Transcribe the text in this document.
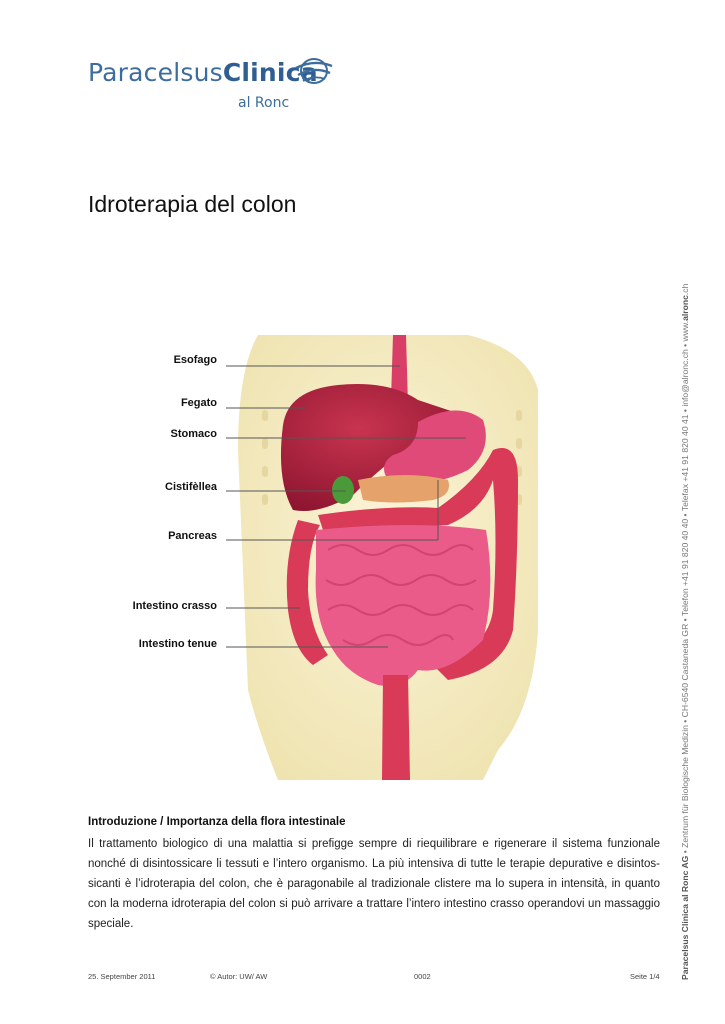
ParacelsusClinica
al Ronc
Idroterapia del colon
Paracelsus Clinica al Ronc AG • Zentrum für Biologische Medizin • CH-6540 Castaneda GR • Telefon +41 91 820 40 40 • Telefax +41 91 820 40 41 • info@alronc.ch • www.alronc.ch
Esofago
Fegato
Stomaco
Cistifèllea
Pancreas
Intestino crasso
Intestino tenue
Introduzione / Importanza della flora intestinale

Il trattamento biologico di una malattia si prefigge sempre di riequilibrare e rigenerare il sistema funzionale nonché di disintossicare li tessuti e l’intero organismo. La più intensiva di tutte le terapie depurative e disintossicanti è l’idroterapia del colon, che è paragonabile al tradizionale clistere ma lo supera in intensità, in quanto con la moderna idroterapia del colon si può arrivare a trattare l’intero intestino crasso operandovi un massaggio speciale.

25. September 2011	© Autor: UW/ AW	0002	Seite 1/4
